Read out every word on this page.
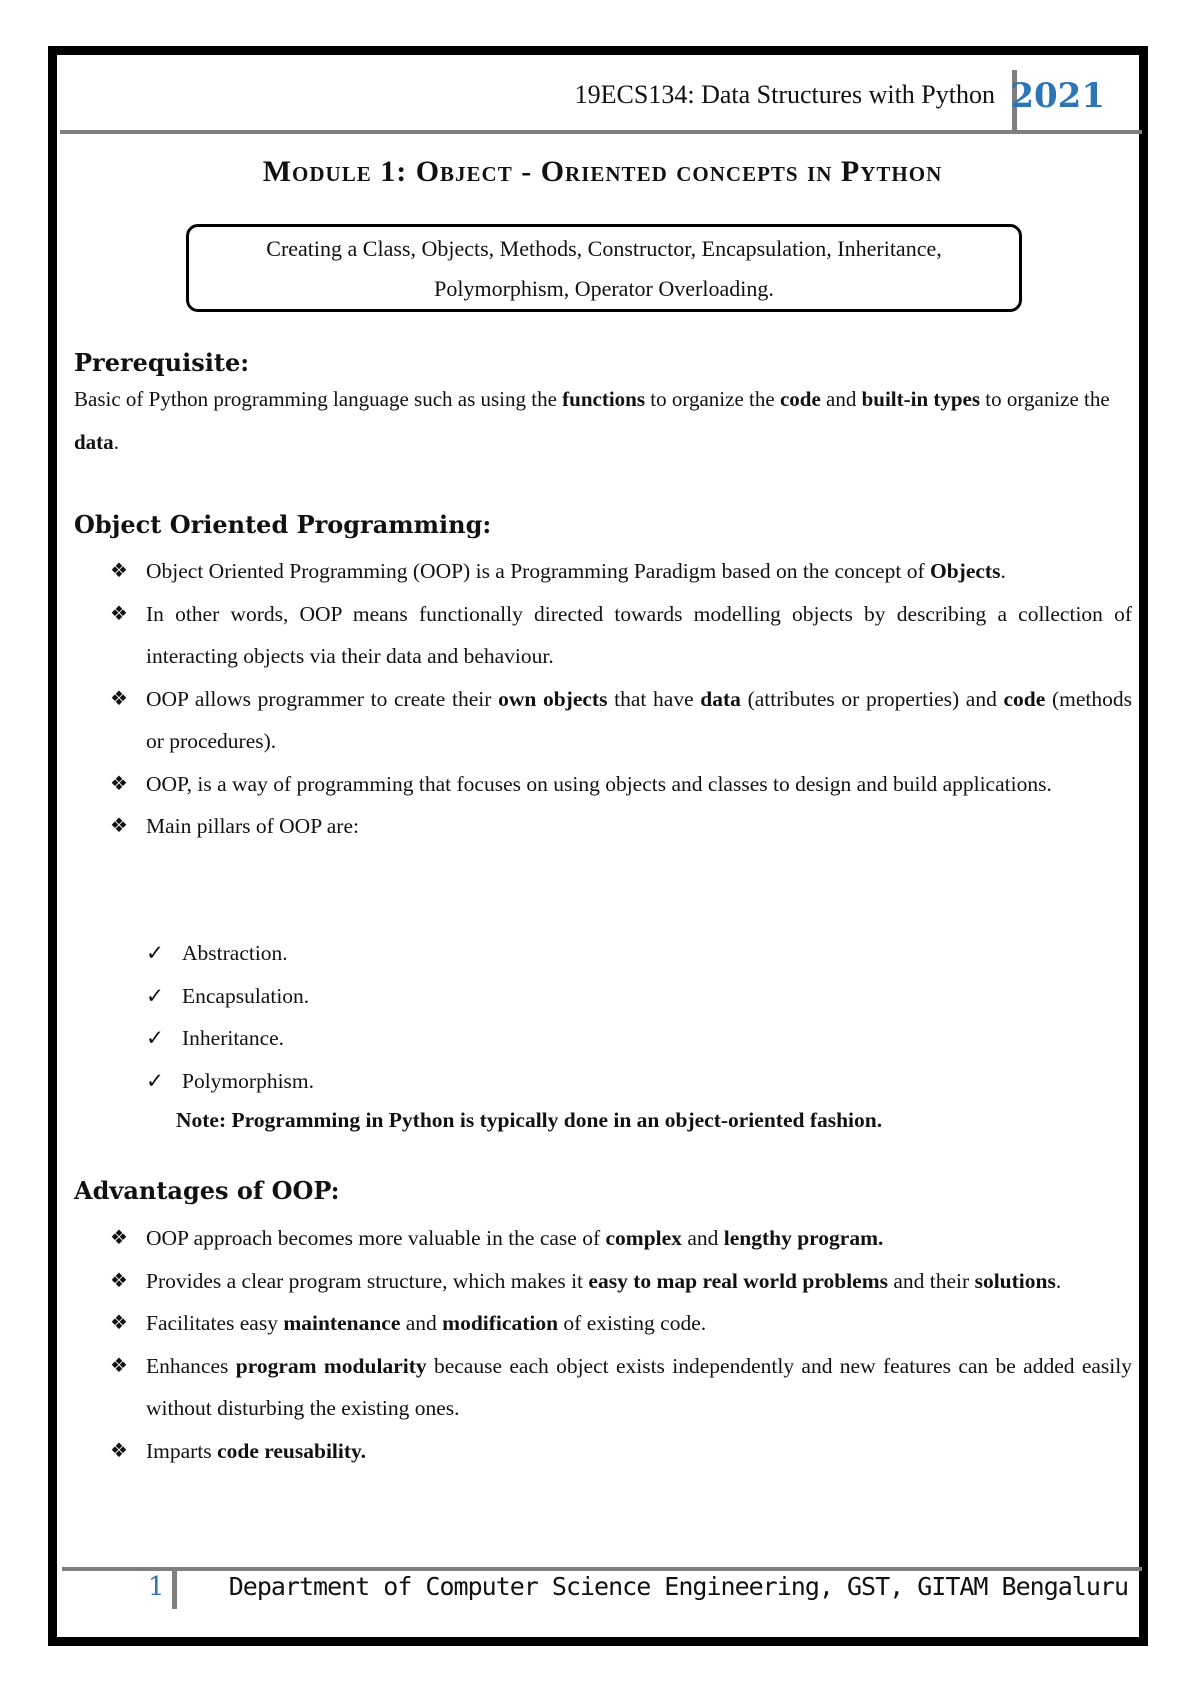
19ECS134: Data Structures with Python 2021
Module 1: Object - Oriented concepts in Python
Creating a Class, Objects, Methods, Constructor, Encapsulation, Inheritance,
Polymorphism, Operator Overloading.
Prerequisite:
Basic of Python programming language such as using the functions to organize the code and built-in types to organize the data.
Object Oriented Programming:
❖ Object Oriented Programming (OOP) is a Programming Paradigm based on the concept of Objects.
❖ In other words, OOP means functionally directed towards modelling objects by describing a collection of interacting objects via their data and behaviour.
❖ OOP allows programmer to create their own objects that have data (attributes or properties) and code (methods or procedures).
❖ OOP, is a way of programming that focuses on using objects and classes to design and build applications.
❖ Main pillars of OOP are:
✓ Abstraction.
✓ Encapsulation.
✓ Inheritance.
✓ Polymorphism.
Note: Programming in Python is typically done in an object-oriented fashion.
Advantages of OOP:
❖ OOP approach becomes more valuable in the case of complex and lengthy program.
❖ Provides a clear program structure, which makes it easy to map real world problems and their solutions.
❖ Facilitates easy maintenance and modification of existing code.
❖ Enhances program modularity because each object exists independently and new features can be added easily without disturbing the existing ones.
❖ Imparts code reusability.
1	Department of Computer Science Engineering, GST, GITAM Bengaluru
